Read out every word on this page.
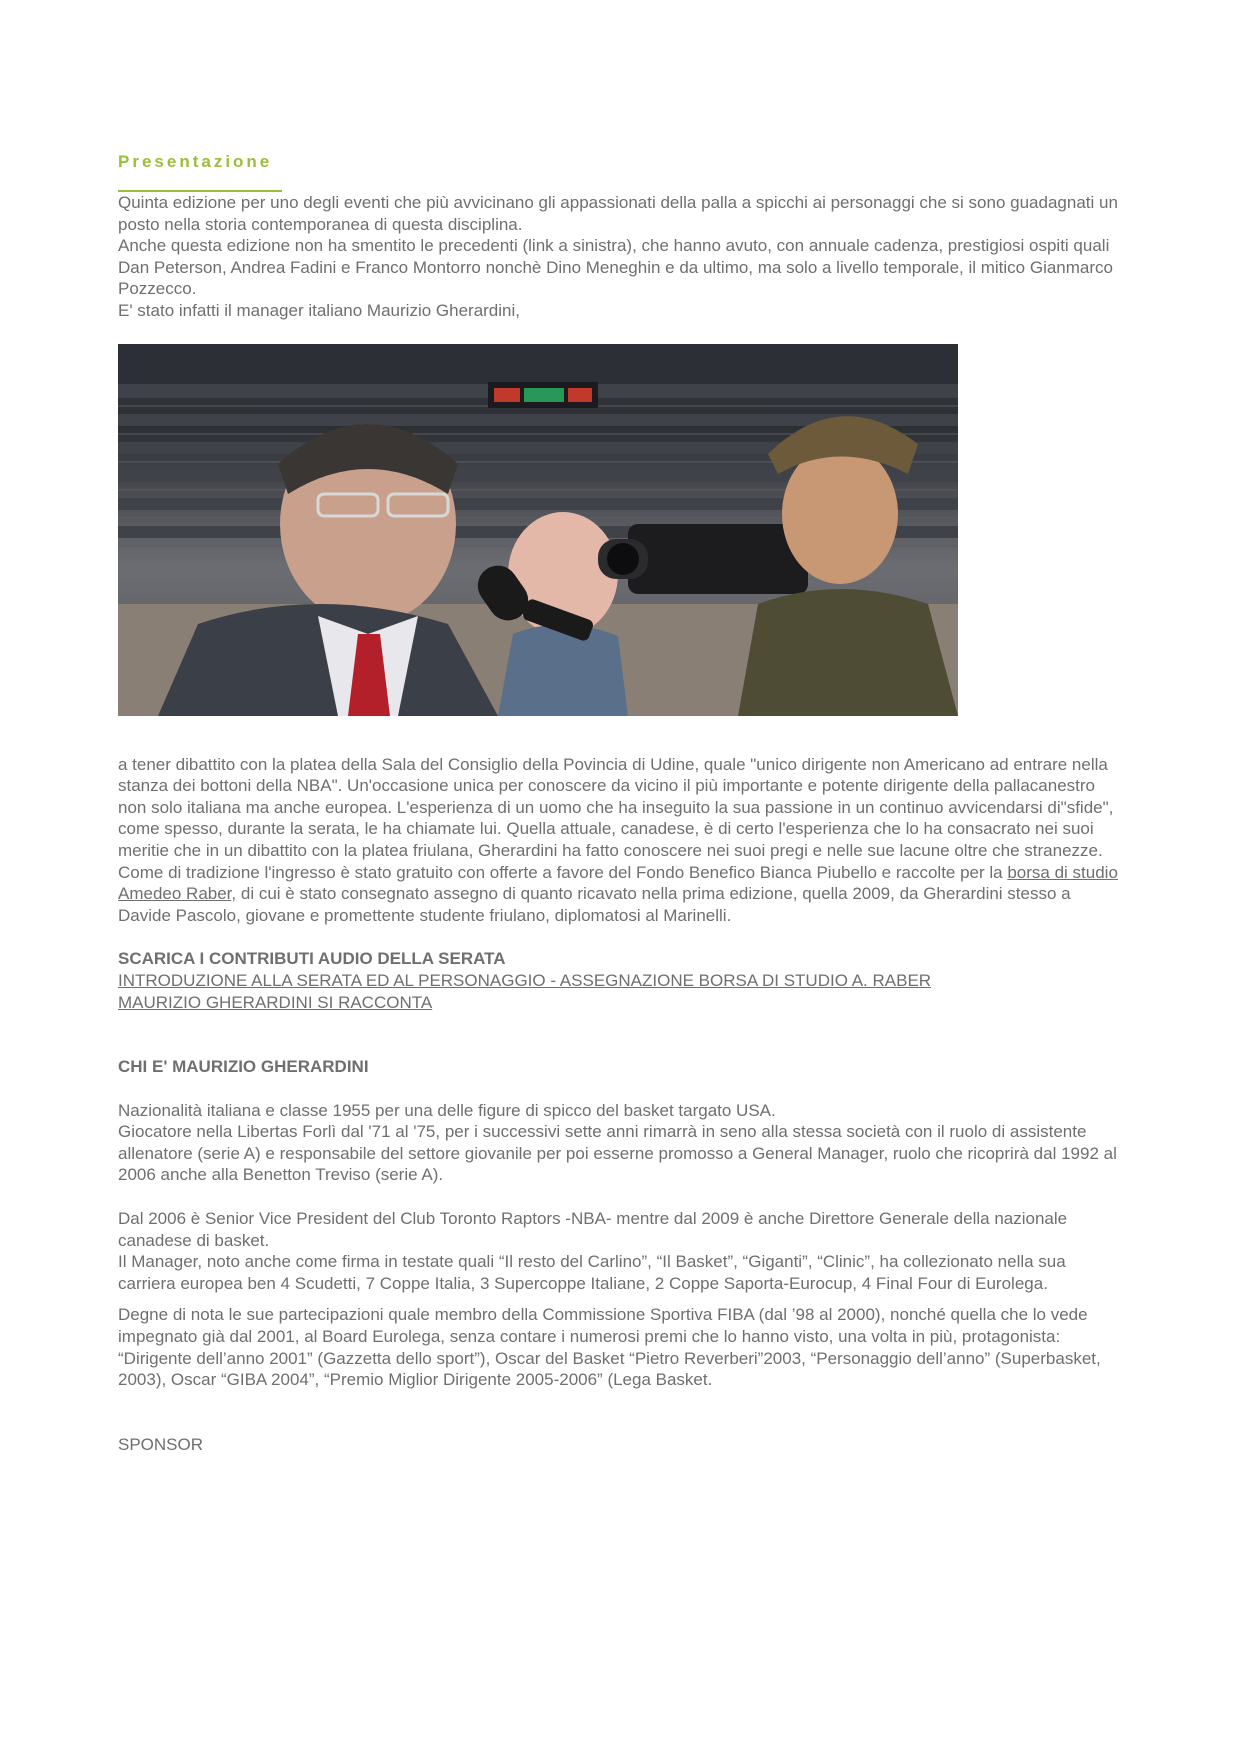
Presentazione

Quinta edizione per uno degli eventi che più avvicinano gli appassionati della palla a spicchi ai personaggi che si sono guadagnati un posto nella storia contemporanea di questa disciplina.

Anche questa edizione non ha smentito le precedenti (link a sinistra), che hanno avuto, con annuale cadenza, prestigiosi ospiti quali Dan Peterson, Andrea Fadini e Franco Montorro nonchè Dino Meneghin e da ultimo, ma solo a livello temporale, il mitico Gianmarco Pozzecco.

E' stato infatti il manager italiano Maurizio Gherardini,

a tener dibattito con la platea della Sala del Consiglio della Povincia di Udine, quale "unico dirigente non Americano ad entrare nella stanza dei bottoni della NBA". Un'occasione unica per conoscere da vicino il più importante e potente dirigente della pallacanestro non solo italiana ma anche europea. L'esperienza di un uomo che ha inseguito la sua passione in un continuo avvicendarsi di"sfide", come spesso, durante la serata, le ha chiamate lui. Quella attuale, canadese, è di certo l'esperienza che lo ha consacrato nei suoi meritie che in un dibattito con la platea friulana, Gherardini ha fatto conoscere nei suoi pregi e nelle sue lacune oltre che stranezze.

Come di tradizione l'ingresso è stato gratuito con offerte a favore del Fondo Benefico Bianca Piubello e raccolte per la borsa di studio Amedeo Raber, di cui è stato consegnato assegno di quanto ricavato nella prima edizione, quella 2009, da Gherardini stesso a Davide Pascolo, giovane e promettente studente friulano, diplomatosi al Marinelli.

SCARICA I CONTRIBUTI AUDIO DELLA SERATA

INTRODUZIONE ALLA SERATA ED AL PERSONAGGIO - ASSEGNAZIONE BORSA DI STUDIO A. RABER

MAURIZIO GHERARDINI SI RACCONTA

CHI E' MAURIZIO GHERARDINI

Nazionalità italiana e classe 1955 per una delle figure di spicco del basket targato USA.

Giocatore nella Libertas Forlì dal '71 al '75, per i successivi sette anni rimarrà in seno alla stessa società con il ruolo di assistente allenatore (serie A) e responsabile del settore giovanile per poi esserne promosso a General Manager, ruolo che ricoprirà dal 1992 al 2006 anche alla Benetton Treviso (serie A).

Dal 2006 è Senior Vice President del Club Toronto Raptors -NBA- mentre dal 2009 è anche Direttore Generale della nazionale canadese di basket.

Il Manager, noto anche come firma in testate quali “Il resto del Carlino”, “Il Basket”, “Giganti”, “Clinic”, ha collezionato nella sua carriera europea ben 4 Scudetti, 7 Coppe Italia, 3 Supercoppe Italiane, 2 Coppe Saporta-Eurocup, 4 Final Four di Eurolega.

Degne di nota le sue partecipazioni quale membro della Commissione Sportiva FIBA (dal ’98 al 2000), nonché quella che lo vede impegnato già dal 2001, al Board Eurolega, senza contare i numerosi premi che lo hanno visto, una volta in più, protagonista: “Dirigente dell’anno 2001” (Gazzetta dello sport”), Oscar del Basket “Pietro Reverberi”2003, “Personaggio dell’anno” (Superbasket, 2003), Oscar “GIBA 2004”, “Premio Miglior Dirigente 2005-2006” (Lega Basket.

SPONSOR
